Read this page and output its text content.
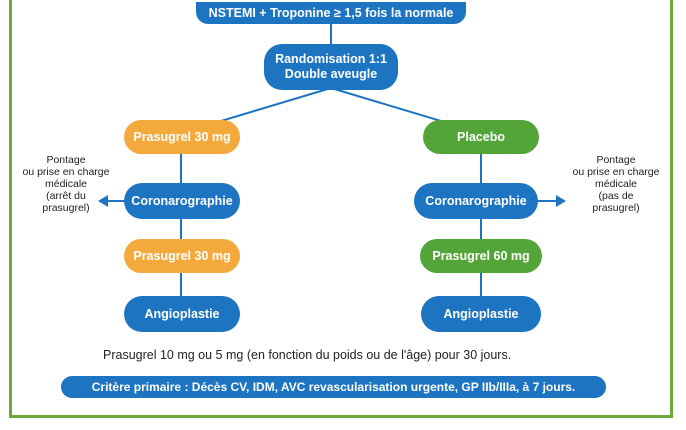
NSTEMI + Troponine ≥ 1,5 fois la normale
Randomisation 1:1
Double aveugle
Prasugrel 30 mg
Coronarographie
Prasugrel 30 mg
Angioplastie
Pontage
ou prise en charge
médicale
(arrêt du
prasugrel)
Placebo
Coronarographie
Prasugrel 60 mg
Angioplastie
Pontage
ou prise en charge
médicale
(pas de
prasugrel)
Prasugrel 10 mg ou 5 mg (en fonction du poids ou de l'âge) pour 30 jours.
Critère primaire : Décès CV, IDM, AVC revascularisation urgente, GP IIb/IIIa, à 7 jours.
